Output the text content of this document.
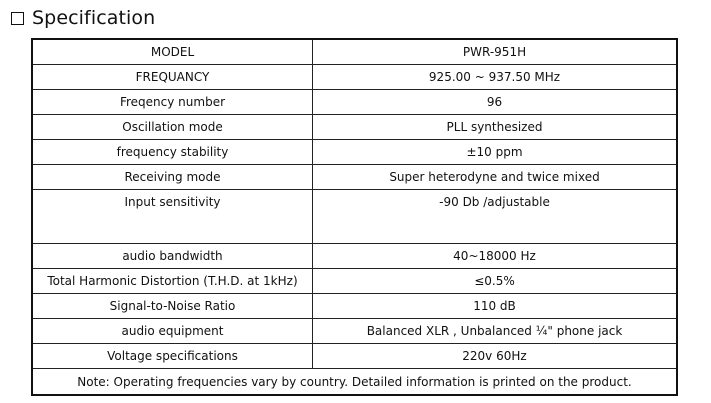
Specification
MODEL	PWR-951H
FREQUANCY	925.00 ~ 937.50 MHz
Freqency number	96
Oscillation mode	PLL synthesized
frequency stability	±10 ppm
Receiving mode	Super heterodyne and twice mixed
Input sensitivity	-90 Db /adjustable
audio bandwidth	40~18000 Hz
Total Harmonic Distortion (T.H.D. at 1kHz)	≤0.5%
Signal-to-Noise Ratio	110 dB
audio equipment	Balanced XLR , Unbalanced ¼" phone jack
Voltage specifications	220v 60Hz
Note: Operating frequencies vary by country. Detailed information is printed on the product.	
